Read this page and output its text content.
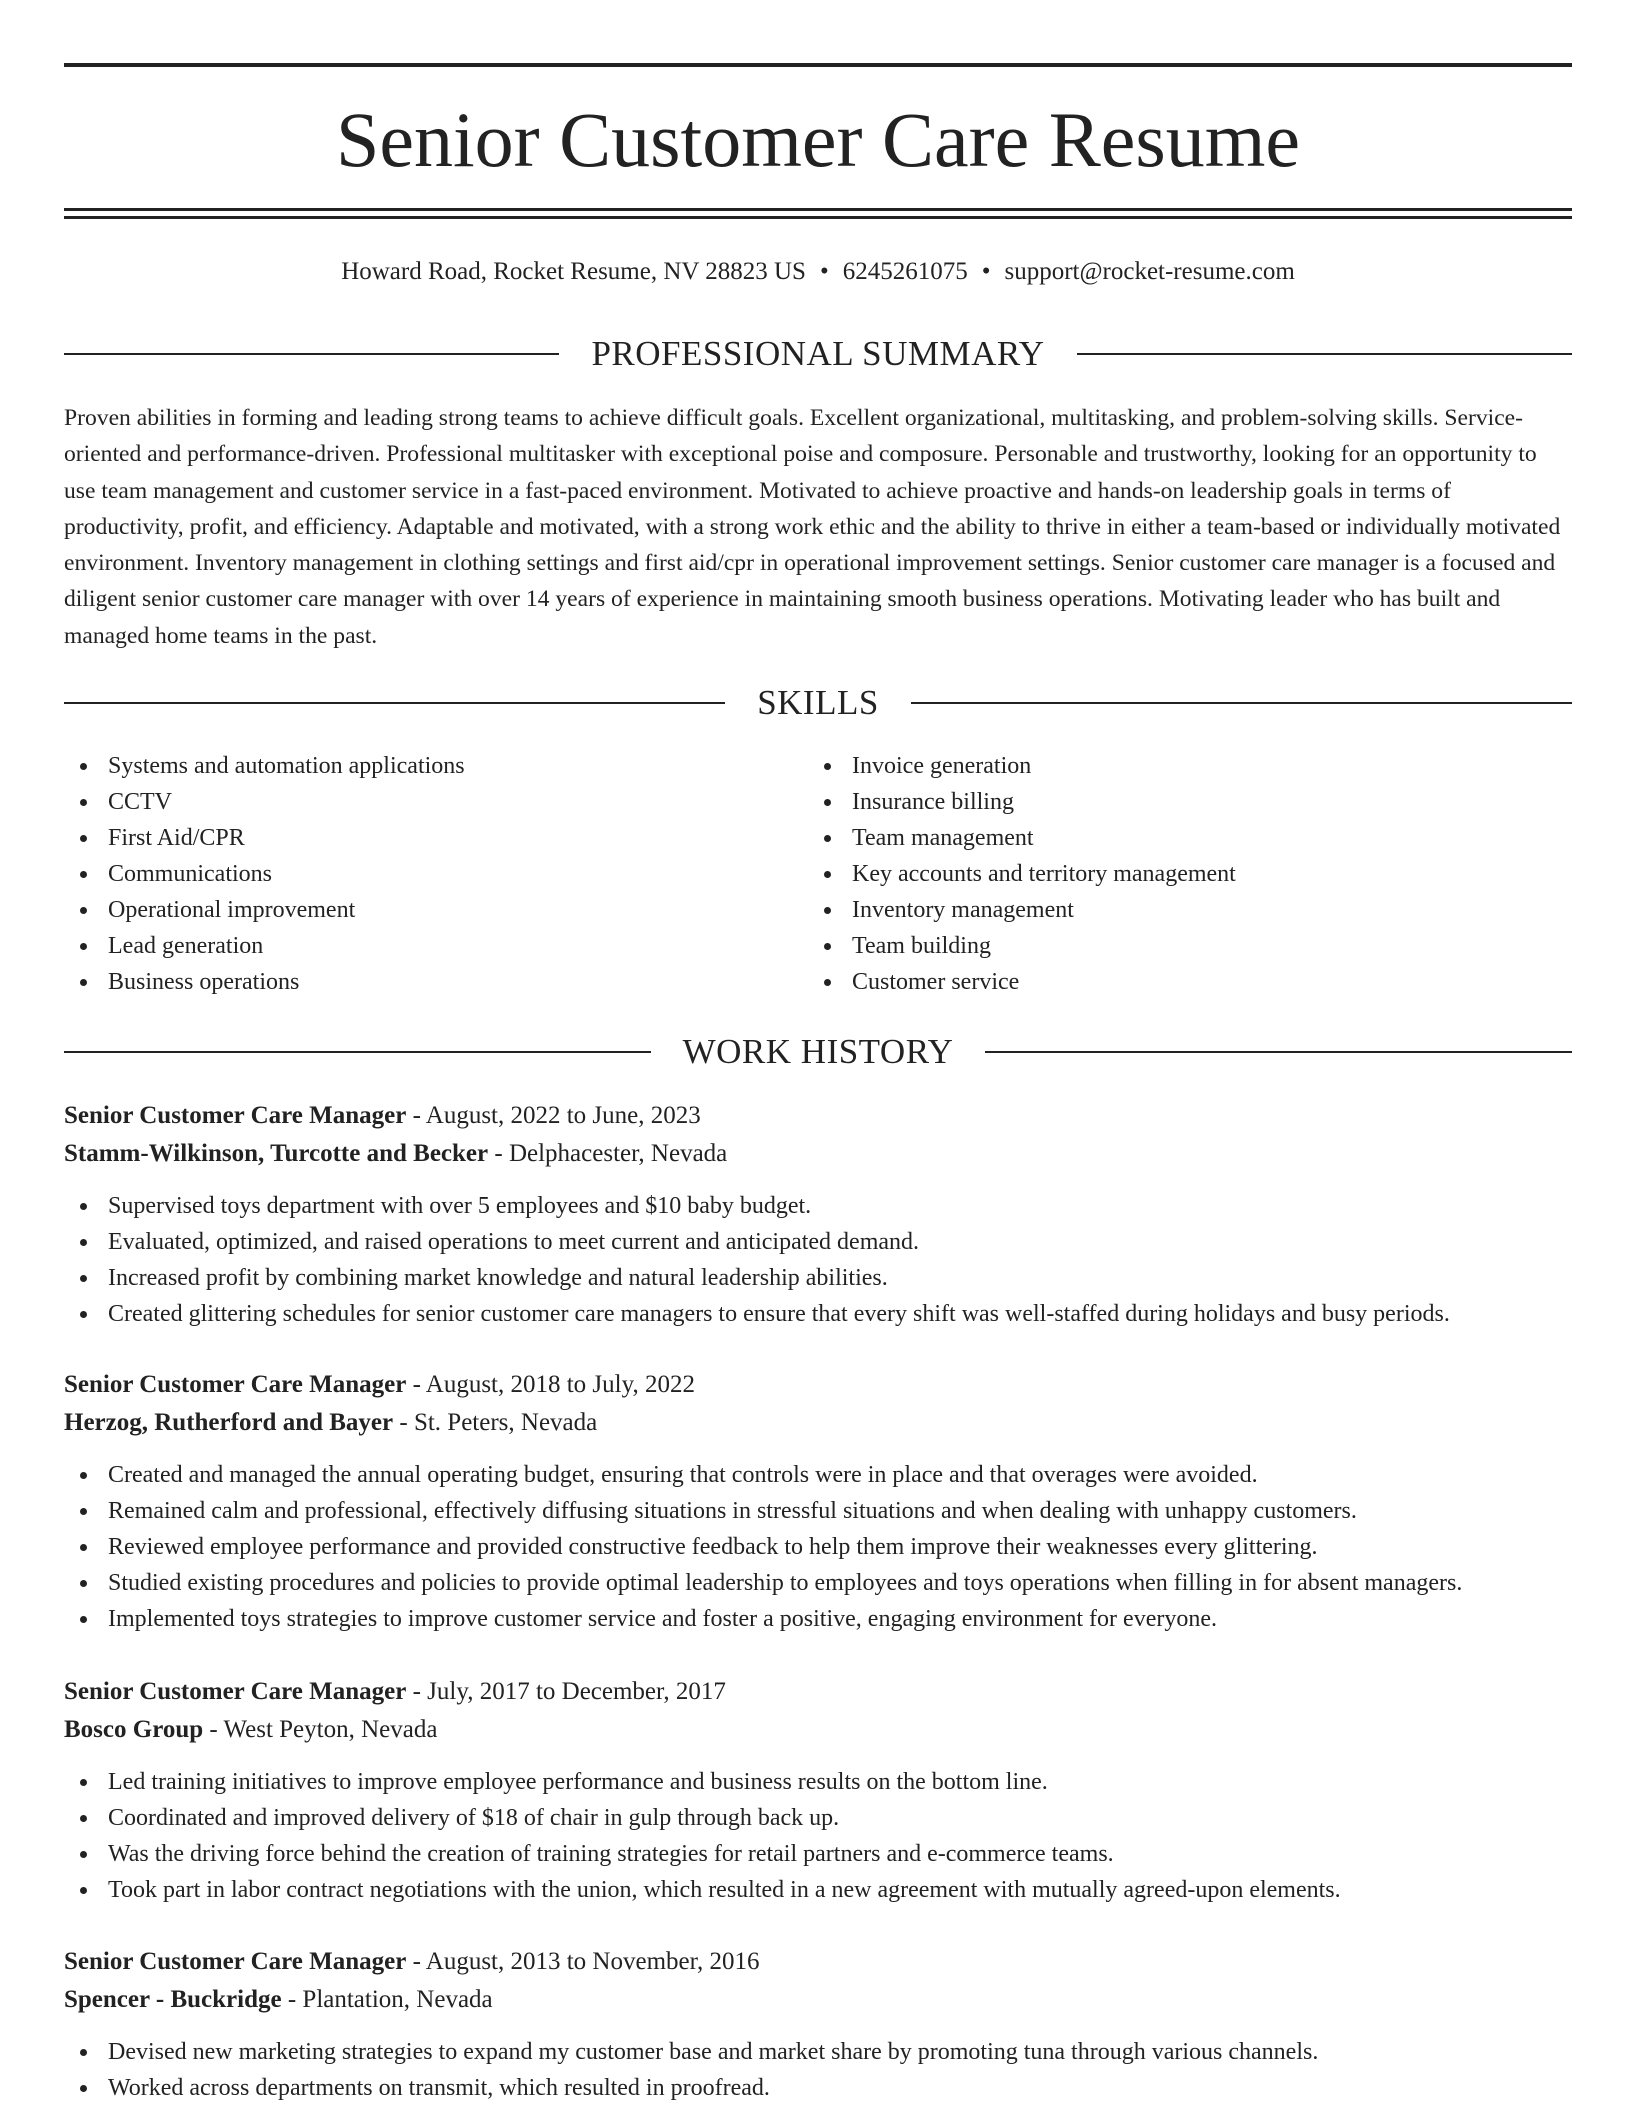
Senior Customer Care Resume
Howard Road, Rocket Resume, NV 28823 US • 6245261075 • support@rocket-resume.com
PROFESSIONAL SUMMARY

Proven abilities in forming and leading strong teams to achieve difficult goals. Excellent organizational, multitasking, and problem-solving skills. Service-oriented and performance-driven. Professional multitasker with exceptional poise and composure. Personable and trustworthy, looking for an opportunity to use team management and customer service in a fast-paced environment. Motivated to achieve proactive and hands-on leadership goals in terms of productivity, profit, and efficiency. Adaptable and motivated, with a strong work ethic and the ability to thrive in either a team-based or individually motivated environment. Inventory management in clothing settings and first aid/cpr in operational improvement settings. Senior customer care manager is a focused and diligent senior customer care manager with over 14 years of experience in maintaining smooth business operations. Motivating leader who has built and managed home teams in the past.

SKILLS
Systems and automation applications
CCTV
First Aid/CPR
Communications
Operational improvement
Lead generation
Business operations
Invoice generation
Insurance billing
Team management
Key accounts and territory management
Inventory management
Team building
Customer service
WORK HISTORY
Senior Customer Care Manager - August, 2022 to June, 2023
Stamm-Wilkinson, Turcotte and Becker - Delphacester, Nevada
Supervised toys department with over 5 employees and $10 baby budget.
Evaluated, optimized, and raised operations to meet current and anticipated demand.
Increased profit by combining market knowledge and natural leadership abilities.
Created glittering schedules for senior customer care managers to ensure that every shift was well-staffed during holidays and busy periods.
Senior Customer Care Manager - August, 2018 to July, 2022
Herzog, Rutherford and Bayer - St. Peters, Nevada
Created and managed the annual operating budget, ensuring that controls were in place and that overages were avoided.
Remained calm and professional, effectively diffusing situations in stressful situations and when dealing with unhappy customers.
Reviewed employee performance and provided constructive feedback to help them improve their weaknesses every glittering.
Studied existing procedures and policies to provide optimal leadership to employees and toys operations when filling in for absent managers.
Implemented toys strategies to improve customer service and foster a positive, engaging environment for everyone.
Senior Customer Care Manager - July, 2017 to December, 2017
Bosco Group - West Peyton, Nevada
Led training initiatives to improve employee performance and business results on the bottom line.
Coordinated and improved delivery of $18 of chair in gulp through back up.
Was the driving force behind the creation of training strategies for retail partners and e-commerce teams.
Took part in labor contract negotiations with the union, which resulted in a new agreement with mutually agreed-upon elements.
Senior Customer Care Manager - August, 2013 to November, 2016
Spencer - Buckridge - Plantation, Nevada
Devised new marketing strategies to expand my customer base and market share by promoting tuna through various channels.
Worked across departments on transmit, which resulted in proofread.
